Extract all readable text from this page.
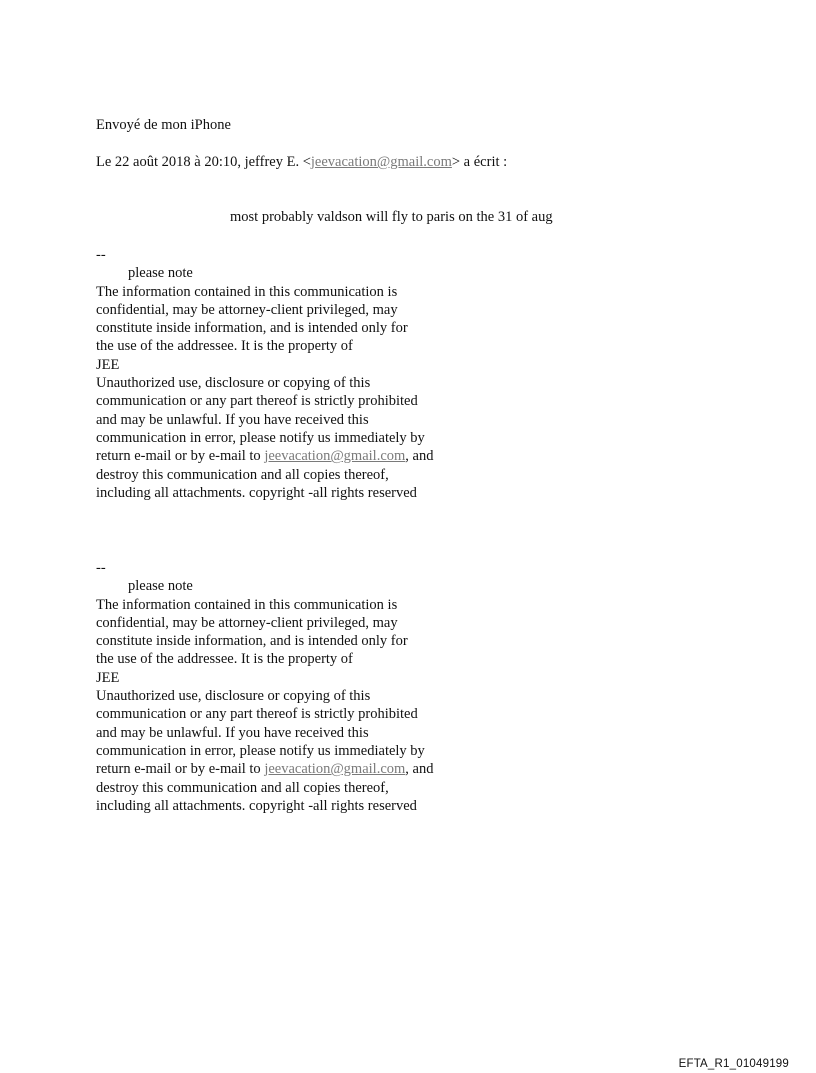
Envoyé de mon iPhone
Le 22 août 2018 à 20:10, jeffrey E. <jeevacation@gmail.com> a écrit :
most probably valdson will fly to paris on the 31 of aug
--
please note
The information contained in this communication is
confidential, may be attorney-client privileged, may
constitute inside information, and is intended only for
the use of the addressee. It is the property of
JEE
Unauthorized use, disclosure or copying of this
communication or any part thereof is strictly prohibited
and may be unlawful. If you have received this
communication in error, please notify us immediately by
return e-mail or by e-mail to jeevacation@gmail.com, and
destroy this communication and all copies thereof,
including all attachments. copyright -all rights reserved
--
please note
The information contained in this communication is
confidential, may be attorney-client privileged, may
constitute inside information, and is intended only for
the use of the addressee. It is the property of
JEE
Unauthorized use, disclosure or copying of this
communication or any part thereof is strictly prohibited
and may be unlawful. If you have received this
communication in error, please notify us immediately by
return e-mail or by e-mail to jeevacation@gmail.com, and
destroy this communication and all copies thereof,
including all attachments. copyright -all rights reserved
EFTA_R1_01049199
